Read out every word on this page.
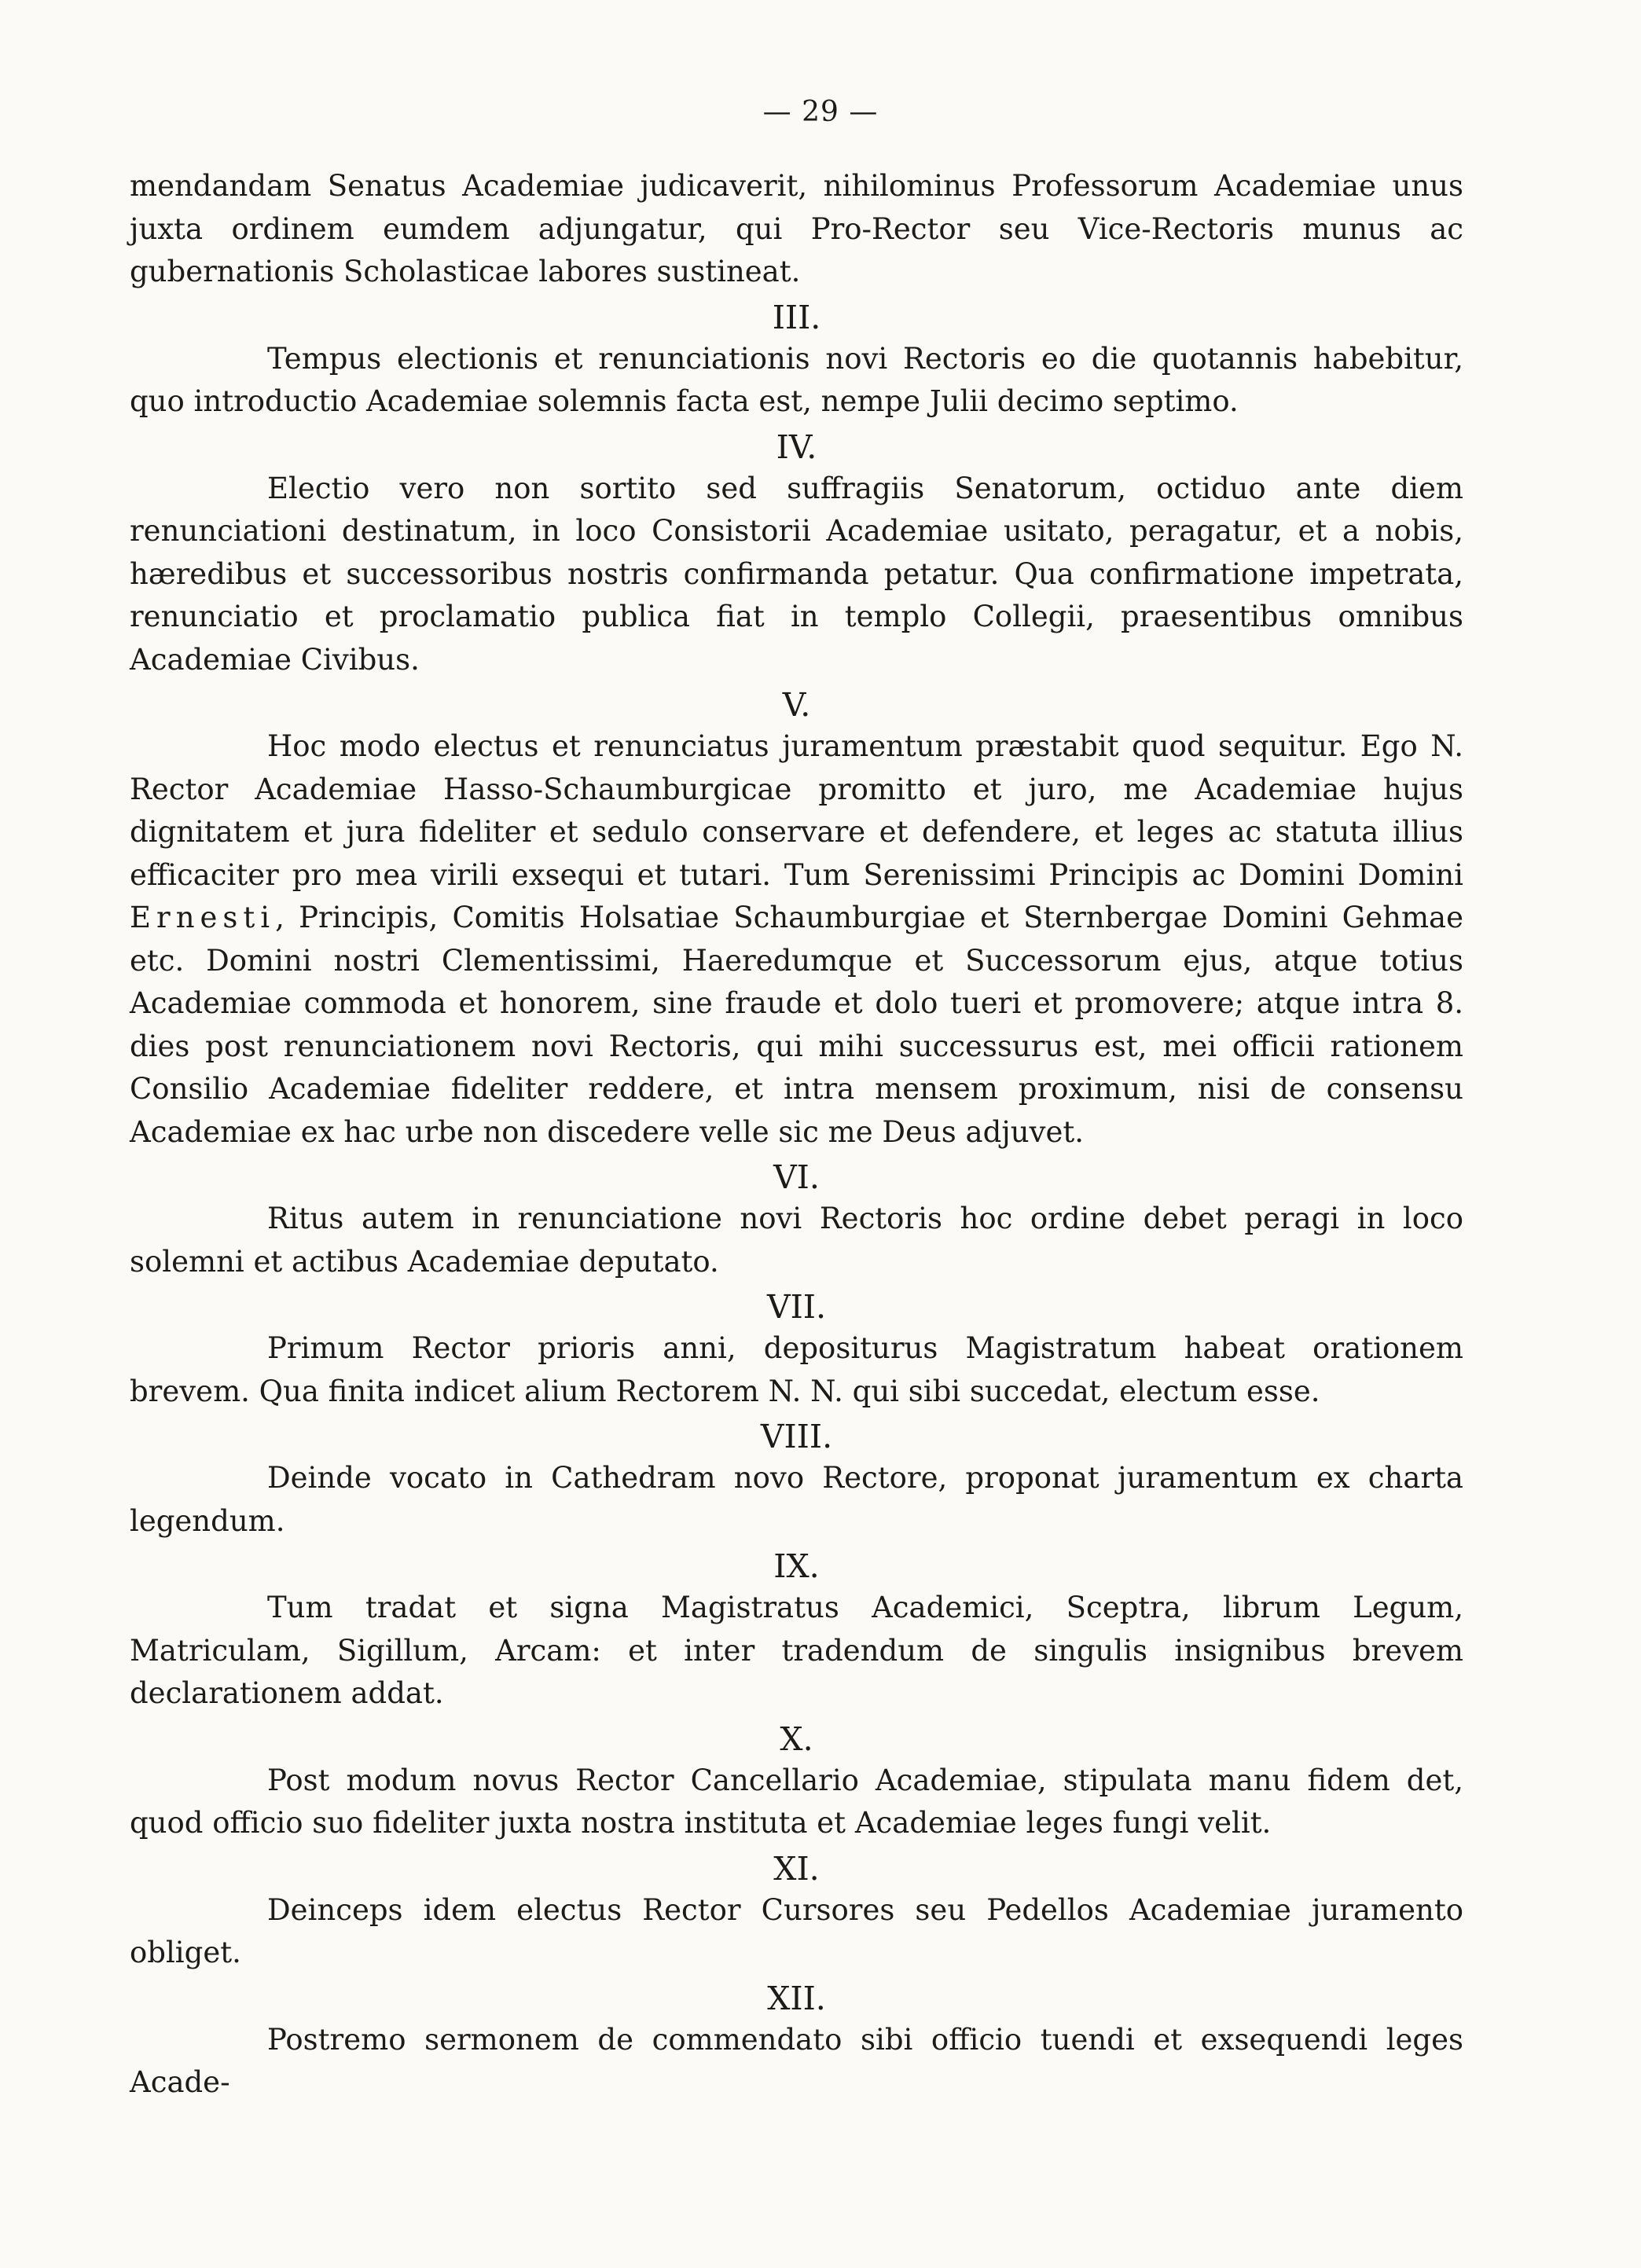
— 29 —

mendandam Senatus Academiae judicaverit, nihilominus Professorum Academiae unus juxta ordinem eumdem adjungatur, qui Pro-Rector seu Vice-Rectoris munus ac gubernationis Scholasticae labores sustineat.

III.

Tempus electionis et renunciationis novi Rectoris eo die quotannis habebitur, quo introductio Academiae solemnis facta est, nempe Julii decimo septimo.

IV.

Electio vero non sortito sed suffragiis Senatorum, octiduo ante diem renunciationi destinatum, in loco Consistorii Academiae usitato, peragatur, et a nobis, hæredibus et successoribus nostris confirmanda petatur. Qua confirmatione impetrata, renunciatio et proclamatio publica fiat in templo Collegii, praesentibus omnibus Academiae Civibus.

V.

Hoc modo electus et renunciatus juramentum præstabit quod sequitur. Ego N. Rector Academiae Hasso-Schaumburgicae promitto et juro, me Academiae hujus dignitatem et jura fideliter et sedulo conservare et defendere, et leges ac statuta illius efficaciter pro mea virili exsequi et tutari. Tum Serenissimi Principis ac Domini Domini Ernesti, Principis, Comitis Holsatiae Schaumburgiae et Sternbergae Domini Gehmae etc. Domini nostri Clementissimi, Haeredumque et Successorum ejus, atque totius Academiae commoda et honorem, sine fraude et dolo tueri et promovere; atque intra 8. dies post renunciationem novi Rectoris, qui mihi successurus est, mei officii rationem Consilio Academiae fideliter reddere, et intra mensem proximum, nisi de consensu Academiae ex hac urbe non discedere velle sic me Deus adjuvet.

VI.

Ritus autem in renunciatione novi Rectoris hoc ordine debet peragi in loco solemni et actibus Academiae deputato.

VII.

Primum Rector prioris anni, depositurus Magistratum habeat orationem brevem. Qua finita indicet alium Rectorem N. N. qui sibi succedat, electum esse.

VIII.

Deinde vocato in Cathedram novo Rectore, proponat juramentum ex charta legendum.

IX.

Tum tradat et signa Magistratus Academici, Sceptra, librum Legum, Matriculam, Sigillum, Arcam: et inter tradendum de singulis insignibus brevem declarationem addat.

X.

Post modum novus Rector Cancellario Academiae, stipulata manu fidem det, quod officio suo fideliter juxta nostra instituta et Academiae leges fungi velit.

XI.

Deinceps idem electus Rector Cursores seu Pedellos Academiae juramento obliget.

XII.

Postremo sermonem de commendato sibi officio tuendi et exsequendi leges Acade-
